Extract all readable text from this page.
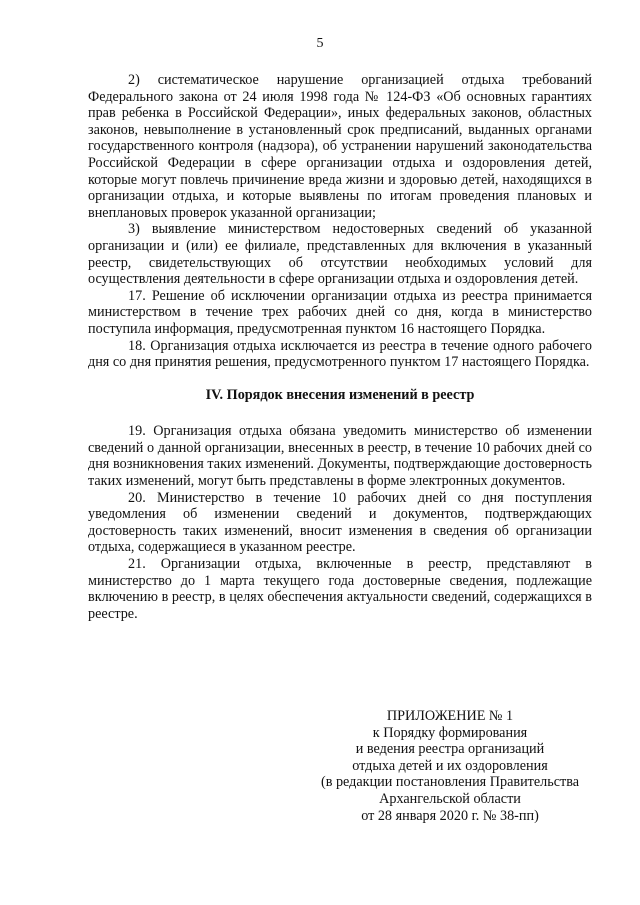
5

2) систематическое нарушение организацией отдыха требований Федерального закона от 24 июля 1998 года № 124-ФЗ «Об основных гарантиях прав ребенка в Российской Федерации», иных федеральных законов, областных законов, невыполнение в установленный срок предписаний, выданных органами государственного контроля (надзора), об устранении нарушений законодательства Российской Федерации в сфере организации отдыха и оздоровления детей, которые могут повлечь причинение вреда жизни и здоровью детей, находящихся в организации отдыха, и которые выявлены по итогам проведения плановых и внеплановых проверок указанной организации;

3) выявление министерством недостоверных сведений об указанной организации и (или) ее филиале, представленных для включения в указанный реестр, свидетельствующих об отсутствии необходимых условий для осуществления деятельности в сфере организации отдыха и оздоровления детей.

17. Решение об исключении организации отдыха из реестра принимается министерством в течение трех рабочих дней со дня, когда в министерство поступила информация, предусмотренная пунктом 16 настоящего Порядка.

18. Организация отдыха исключается из реестра в течение одного рабочего дня со дня принятия решения, предусмотренного пунктом 17 настоящего Порядка.

IV. Порядок внесения изменений в реестр

19. Организация отдыха обязана уведомить министерство об изменении сведений о данной организации, внесенных в реестр, в течение 10 рабочих дней со дня возникновения таких изменений. Документы, подтверждающие достоверность таких изменений, могут быть представлены в форме электронных документов.

20. Министерство в течение 10 рабочих дней со дня поступления уведомления об изменении сведений и документов, подтверждающих достоверность таких изменений, вносит изменения в сведения об организации отдыха, содержащиеся в указанном реестре.

21. Организации отдыха, включенные в реестр, представляют в министерство до 1 марта текущего года достоверные сведения, подлежащие включению в реестр, в целях обеспечения актуальности сведений, содержащихся в реестре.

ПРИЛОЖЕНИЕ № 1
к Порядку формирования
и ведения реестра организаций
отдыха детей и их оздоровления
(в редакции постановления Правительства
Архангельской области
от 28 января 2020 г. № 38-пп)
